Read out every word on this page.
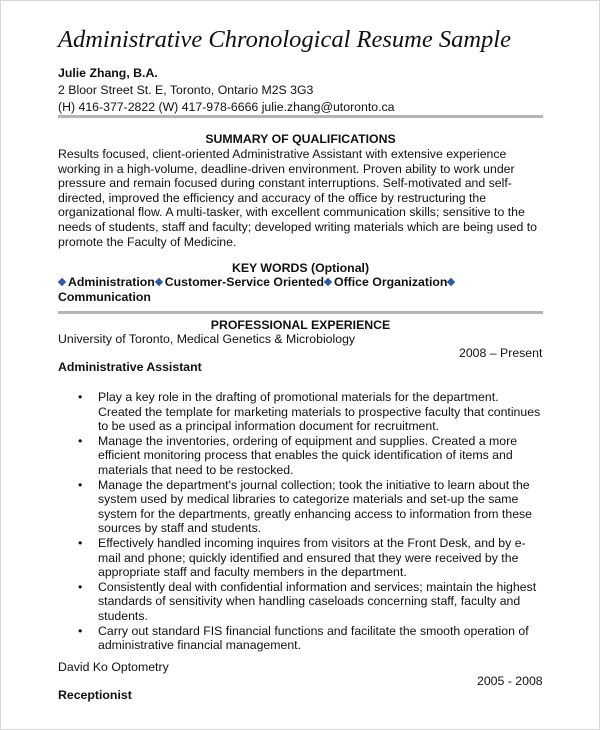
Administrative Chronological Resume Sample
Julie Zhang, B.A.
2 Bloor Street St. E, Toronto, Ontario M2S 3G3
(H) 416-377-2822 (W) 417-978-6666 julie.zhang@utoronto.ca
SUMMARY OF QUALIFICATIONS
Results focused, client-oriented Administrative Assistant with extensive experience
working in a high-volume, deadline-driven environment. Proven ability to work under
pressure and remain focused during constant interruptions. Self-motivated and self-
directed, improved the efficiency and accuracy of the office by restructuring the
organizational flow. A multi-tasker, with excellent communication skills; sensitive to the
needs of students, staff and faculty; developed writing materials which are being used to
promote the Faculty of Medicine.
KEY WORDS (Optional)
Administration Customer-Service Oriented Office Organization
Communication
PROFESSIONAL EXPERIENCE
University of Toronto, Medical Genetics & Microbiology
2008 – Present
Administrative Assistant
• Play a key role in the drafting of promotional materials for the department.
Created the template for marketing materials to prospective faculty that continues
to be used as a principal information document for recruitment.
• Manage the inventories, ordering of equipment and supplies. Created a more
efficient monitoring process that enables the quick identification of items and
materials that need to be restocked.
• Manage the department's journal collection; took the initiative to learn about the
system used by medical libraries to categorize materials and set-up the same
system for the departments, greatly enhancing access to information from these
sources by staff and students.
• Effectively handled incoming inquires from visitors at the Front Desk, and by e-
mail and phone; quickly identified and ensured that they were received by the
appropriate staff and faculty members in the department.
• Consistently deal with confidential information and services; maintain the highest
standards of sensitivity when handling caseloads concerning staff, faculty and
students.
• Carry out standard FIS financial functions and facilitate the smooth operation of
administrative financial management.
David Ko Optometry
2005 - 2008
Receptionist
